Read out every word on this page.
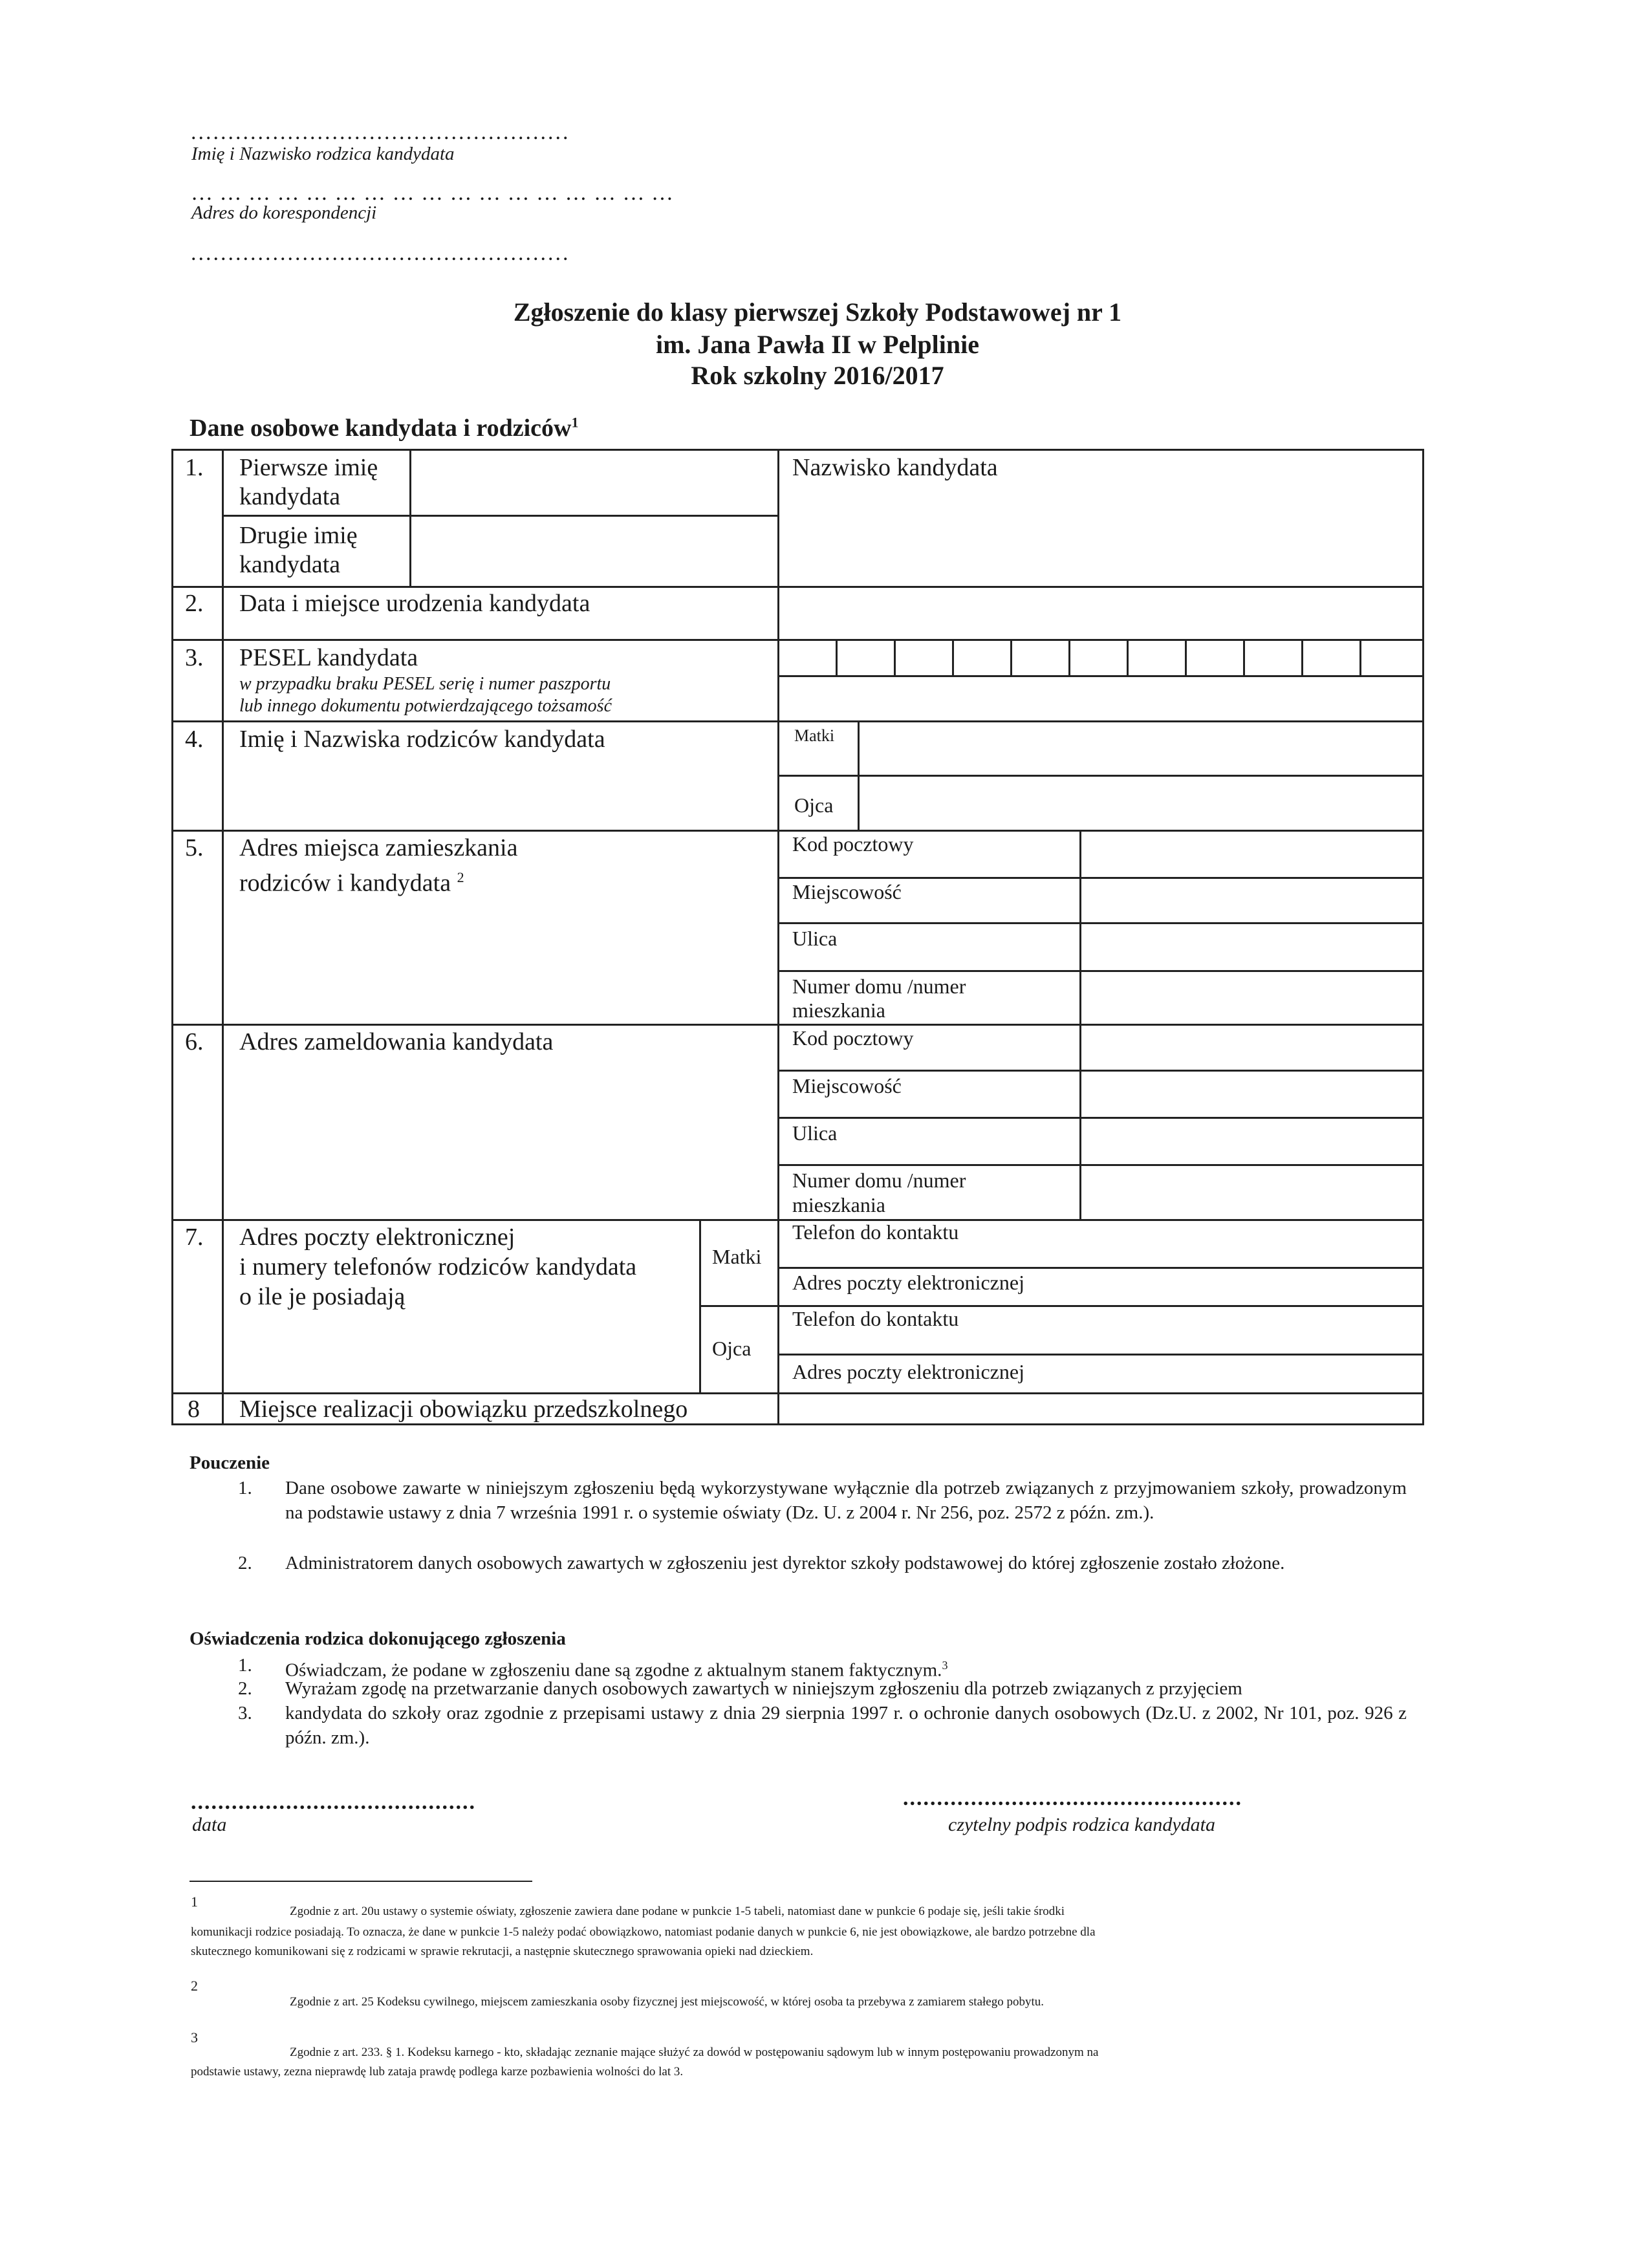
...................................................
Imię i Nazwisko rodzica kandydata
… … … … … … … … … … … … … … … … …
Adres do korespondencji
...................................................
Zgłoszenie do klasy pierwszej Szkoły Podstawowej nr 1
im. Jana Pawła II w Pelplinie
Rok szkolny 2016/2017
Dane osobowe kandydata i rodziców$^1$
1. Pierwsze imię
kandydata
Drugie imię
kandydata
Nazwisko kandydata
2. Data i miejsce urodzenia kandydata
3. PESEL kandydata
w przypadku braku PESEL serię i numer paszportu
lub innego dokumentu potwierdzającego tożsamość
4. Imię i Nazwiska rodziców kandydata	Matki
Ojca
5. Adres miejsca zamieszkania
rodziców i kandydata $^2$
Kod pocztowy
Miejscowość
Ulica
Numer domu /numer
mieszkania
6. Adres zameldowania kandydata	Kod pocztowy
Miejscowość
Ulica
Numer domu /numer
mieszkania
7. Adres poczty elektronicznej
i numery telefonów rodziców kandydata
o ile je posiadają
Matki
Ojca
Telefon do kontaktu
Adres poczty elektronicznej
Telefon do kontaktu
Adres poczty elektronicznej
8 Miejsce realizacji obowiązku przedszkolnego
Pouczenie
1. Dane osobowe zawarte w niniejszym zgłoszeniu będą wykorzystywane wyłącznie dla potrzeb związanych z przyjmowaniem szkoły, prowadzonym na podstawie ustawy z dnia 7 września 1991 r. o systemie oświaty (Dz. U. z 2004 r. Nr 256, poz. 2572 z późn. zm.).
2. Administratorem danych osobowych zawartych w zgłoszeniu jest dyrektor szkoły podstawowej do której zgłoszenie zostało złożone.
Oświadczenia rodzica dokonującego zgłoszenia
1. Oświadczam, że podane w zgłoszeniu dane są zgodne z aktualnym stanem faktycznym.$^3$
2. Wyrażam zgodę na przetwarzanie danych osobowych zawartych w niniejszym zgłoszeniu dla potrzeb związanych z przyjęciem
3. kandydata do szkoły oraz zgodnie z przepisami ustawy z dnia 29 sierpnia 1997 r. o ochronie danych osobowych (Dz.U. z 2002, Nr 101, poz. 926 z późn. zm.).
..........................................
data
..................................................
czytelny podpis rodzica kandydata
1
Zgodnie z art. 20u ustawy o systemie oświaty, zgłoszenie zawiera dane podane w punkcie 1-5 tabeli, natomiast dane w punkcie 6 podaje się, jeśli takie środki
komunikacji rodzice posiadają. To oznacza, że dane w punkcie 1-5 należy podać obowiązkowo, natomiast podanie danych w punkcie 6, nie jest obowiązkowe, ale bardzo potrzebne dla
skutecznego komunikowani się z rodzicami w sprawie rekrutacji, a następnie skutecznego sprawowania opieki nad dzieckiem.
2
Zgodnie z art. 25 Kodeksu cywilnego, miejscem zamieszkania osoby fizycznej jest miejscowość, w której osoba ta przebywa z zamiarem stałego pobytu.
3
Zgodnie z art. 233. § 1. Kodeksu karnego - kto, składając zeznanie mające służyć za dowód w postępowaniu sądowym lub w innym postępowaniu prowadzonym na
podstawie ustawy, zezna nieprawdę lub zataja prawdę podlega karze pozbawienia wolności do lat 3.
